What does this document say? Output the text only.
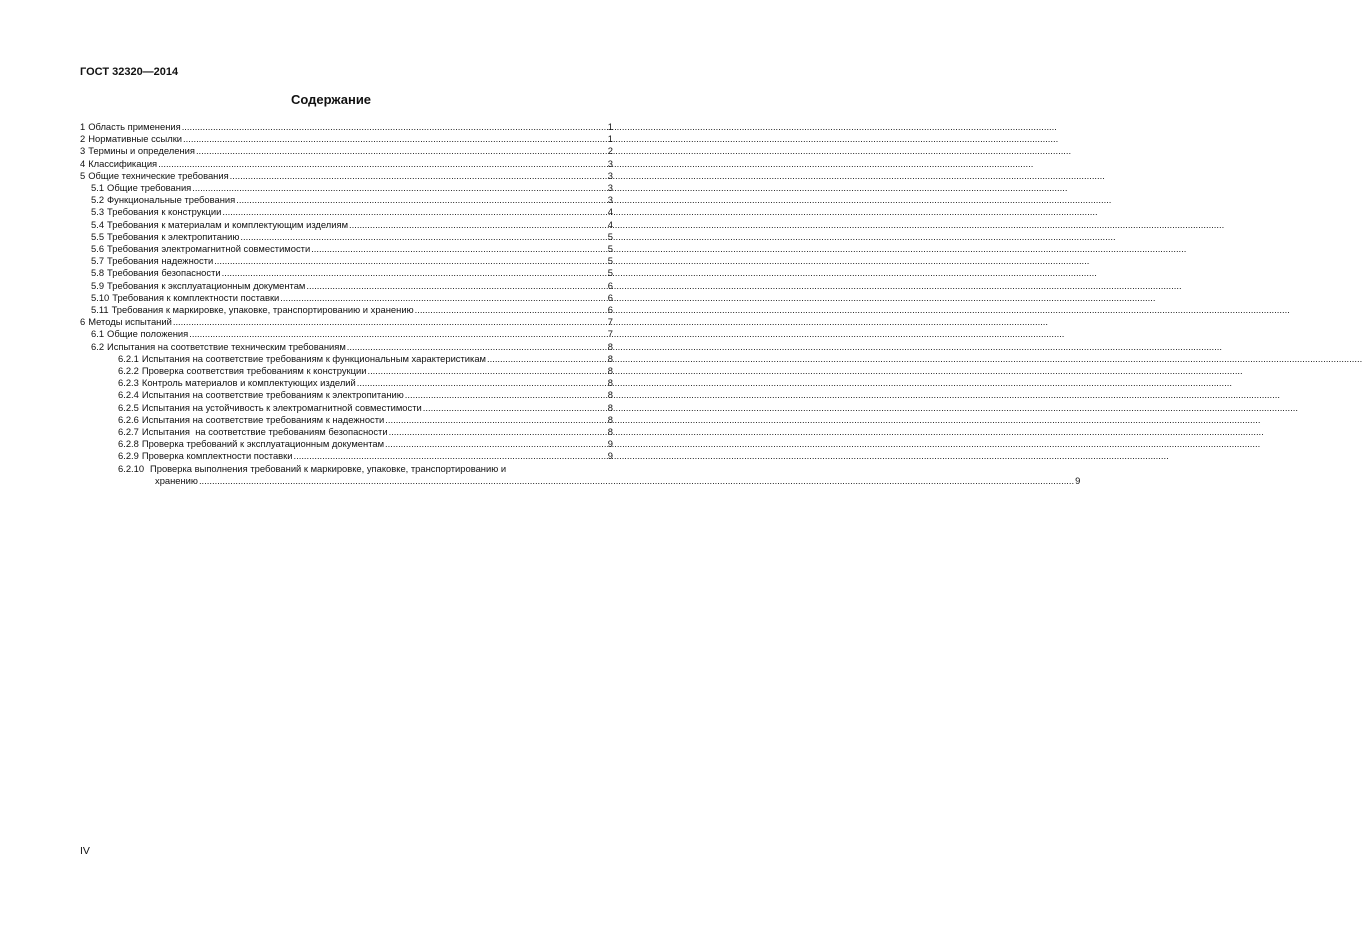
ГОСТ 32320—2014
Содержание
1 Область применения .....	1
2 Нормативные ссылки .....	1
3 Термины и определения .....	2
4 Классификация .....	3
5 Общие технические требования .....	3
5.1 Общие требования .....	3
5.2 Функциональные требования .....	3
5.3 Требования к конструкции .....	4
5.4 Требования к материалам и комплектующим изделиям .....	4
5.5 Требования к электропитанию .....	5
5.6 Требования электромагнитной совместимости .....	5
5.7 Требования надежности .....	5
5.8 Требования безопасности .....	5
5.9 Требования к эксплуатационным документам .....	6
5.10 Требования к комплектности поставки .....	6
5.11 Требования к маркировке, упаковке, транспортированию и хранению .....	6
6 Методы испытаний .....	7
6.1 Общие положения .....	7
6.2 Испытания на соответствие техническим требованиям .....	8
6.2.1 Испытания на соответствие требованиям к функциональным характеристикам .....	8
6.2.2 Проверка соответствия требованиям к конструкции .....	8
6.2.3 Контроль материалов и комплектующих изделий .....	8
6.2.4 Испытания на соответствие требованиям к электропитанию .....	8
6.2.5 Испытания на устойчивость к электромагнитной совместимости .....	8
6.2.6 Испытания на соответствие требованиям к надежности .....	8
6.2.7 Испытания  на соответствие требованиям безопасности .....	8
6.2.8 Проверка требований к эксплуатационным документам .....	9
6.2.9 Проверка комплектности поставки .....	9
6.2.10 Проверка выполнения требований к маркировке, упаковке, транспортированию и
хранению .....	9
IV
